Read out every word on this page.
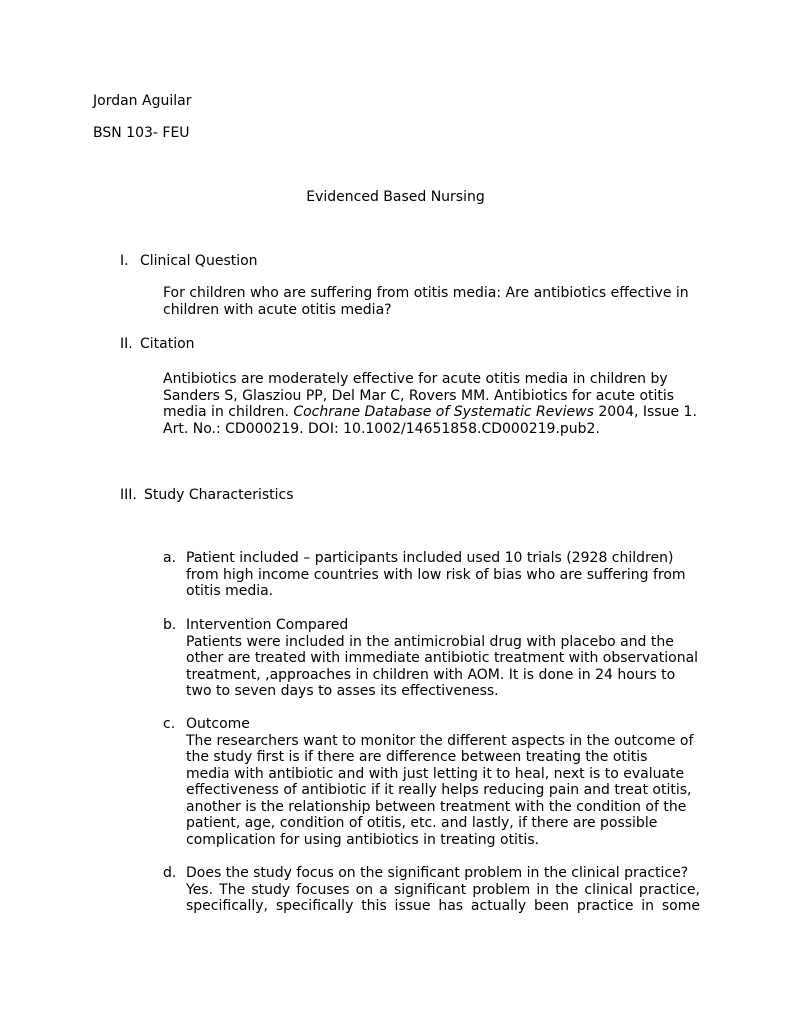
Jordan Aguilar

BSN 103- FEU

Evidenced Based Nursing

I. Clinical Question
For children who are suffering from otitis media: Are antibiotics effective in
children with acute otitis media?
II. Citation
Antibiotics are moderately effective for acute otitis media in children by
Sanders S, Glasziou PP, Del Mar C, Rovers MM. Antibiotics for acute otitis
media in children. Cochrane Database of Systematic Reviews 2004, Issue 1.
Art. No.: CD000219. DOI: 10.1002/14651858.CD000219.pub2.
III. Study Characteristics
a. Patient included – participants included used 10 trials (2928 children)
from high income countries with low risk of bias who are suffering from
otitis media.
b. Intervention Compared
Patients were included in the antimicrobial drug with placebo and the
other are treated with immediate antibiotic treatment with observational
treatment, ,approaches in children with AOM. It is done in 24 hours to
two to seven days to asses its effectiveness.
c. Outcome
The researchers want to monitor the different aspects in the outcome of
the study first is if there are difference between treating the otitis
media with antibiotic and with just letting it to heal, next is to evaluate
effectiveness of antibiotic if it really helps reducing pain and treat otitis,
another is the relationship between treatment with the condition of the
patient, age, condition of otitis, etc. and lastly, if there are possible
complication for using antibiotics in treating otitis.
d. Does the study focus on the significant problem in the clinical practice?
Yes. The study focuses on a significant problem in the clinical practice,
specifically, specifically this issue has actually been practice in some
